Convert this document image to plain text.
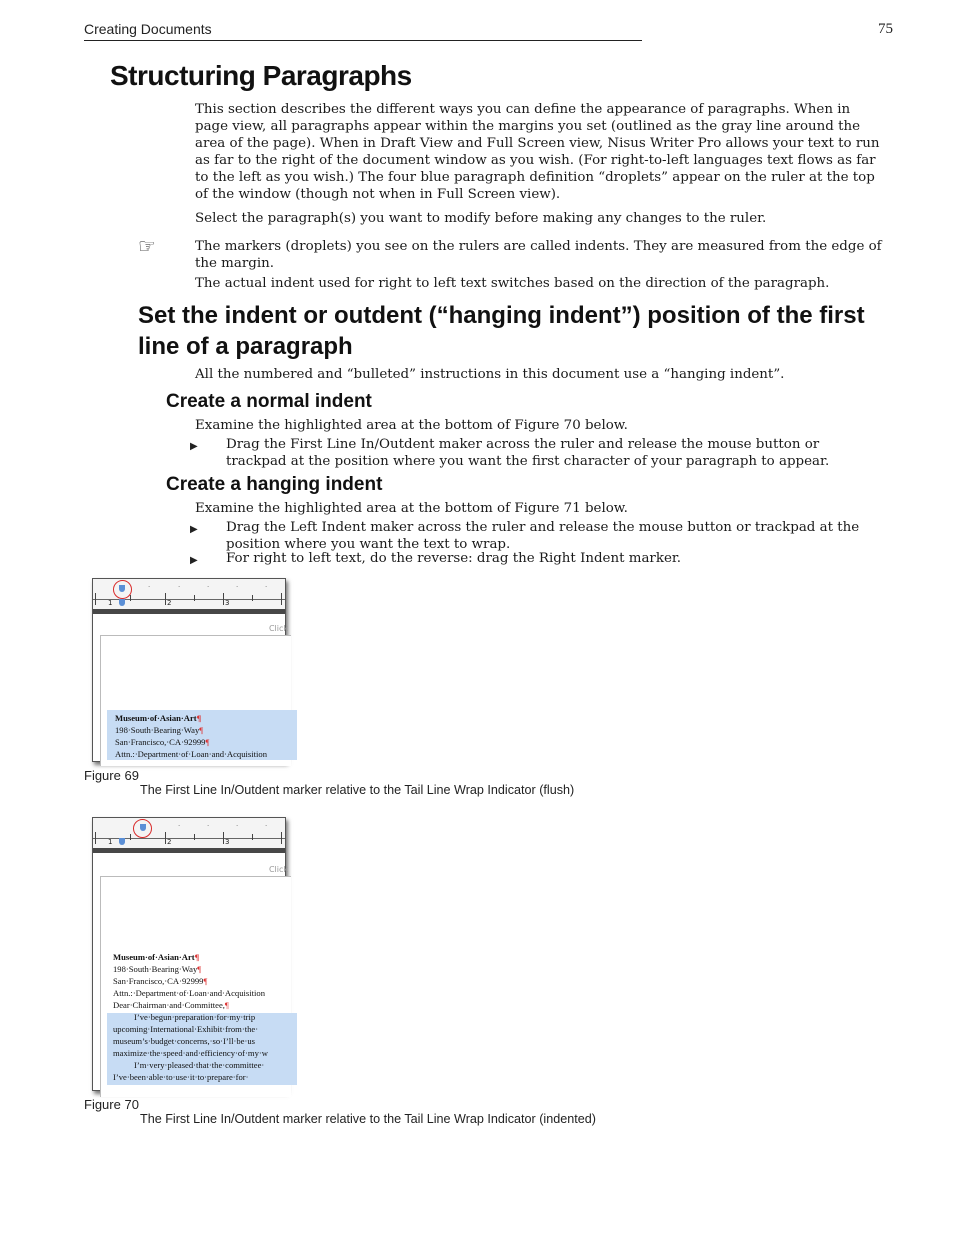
Creating Documents	75
Structuring Paragraphs
This section describes the different ways you can define the appearance of paragraphs. When in page view, all paragraphs appear within the margins you set (outlined as the gray line around the area of the page). When in Draft View and Full Screen view, Nisus Writer Pro allows your text to run as far to the right of the document window as you wish. (For right-to-left languages text flows as far to the left as you wish.) The four blue paragraph definition “droplets” appear on the ruler at the top of the window (though not when in Full Screen view).
Select the paragraph(s) you want to modify before making any changes to the ruler.
☞	The markers (droplets) you see on the rulers are called indents. They are measured from the edge of the margin.
The actual indent used for right to left text switches based on the direction of the paragraph.
Set the indent or outdent (“hanging indent”) position of the first line of a paragraph
All the numbered and “bulleted” instructions in this document use a “hanging indent”.
Create a normal indent
Examine the highlighted area at the bottom of Figure 70 below.
▶ Drag the First Line In/Outdent maker across the ruler and release the mouse button or trackpad at the position where you want the first character of your paragraph to appear.
Create a hanging indent
Examine the highlighted area at the bottom of Figure 71 below.
▶ Drag the Left Indent maker across the ruler and release the mouse button or trackpad at the position where you want the text to wrap.
▶ For right to left text, do the reverse: drag the Right Indent marker.
1	2	3
·	·	·	·	·
Click
Museum·of·Asian·Art¶
198·South·Bearing·Way¶
San·Francisco,·CA·92999¶
Attn.:·Department·of·Loan·and·Acquisition
Figure 69
The First Line In/Outdent marker relative to the Tail Line Wrap Indicator (flush)
1	2	3
·	·	·	·
Click
Museum·of·Asian·Art¶
198·South·Bearing·Way¶
San·Francisco,·CA·92999¶
Attn.:·Department·of·Loan·and·Acquisition
Dear·Chairman·and·Committee,¶
I’ve·begun·preparation·for·my·trip
upcoming·International·Exhibit·from·the·
museum’s·budget·concerns,·so·I’ll·be·us
maximize·the·speed·and·efficiency·of·my·w
I’m·very·pleased·that·the·committee·
I’ve·been·able·to·use·it·to·prepare·for·
Figure 70
The First Line In/Outdent marker relative to the Tail Line Wrap Indicator (indented)
